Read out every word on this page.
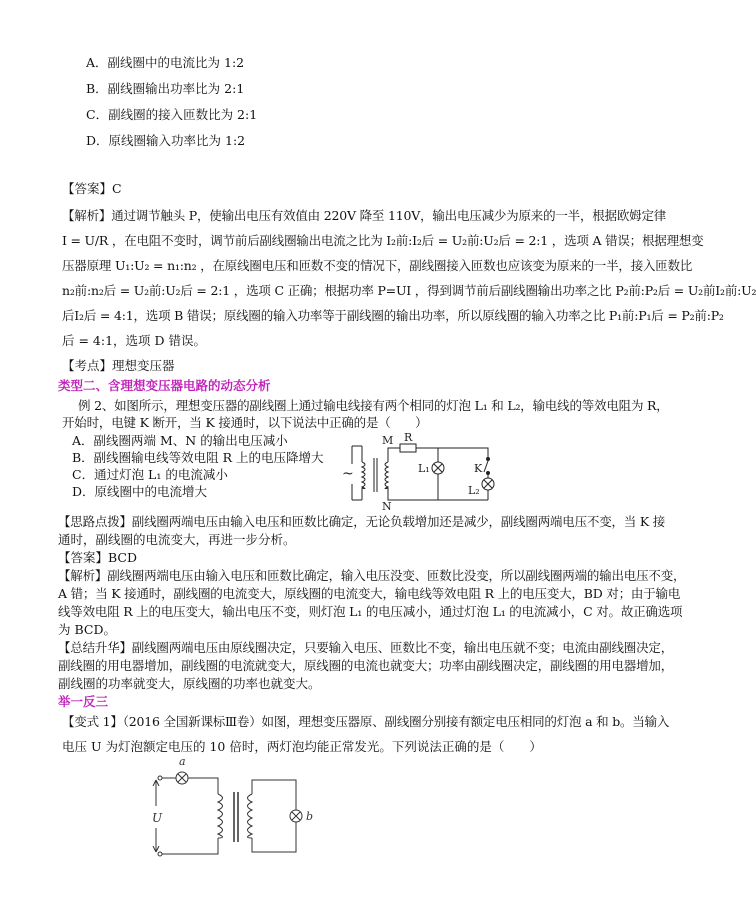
A．副线圈中的电流比为 1:2
B．副线圈输出功率比为 2:1
C．副线圈的接入匝数比为 2:1
D．原线圈输入功率比为 1:2
【答案】C
【解析】通过调节触头 P，使输出电压有效值由 220V 降至 110V，输出电压减少为原来的一半，根据欧姆定律
I = U/R ，在电阻不变时，调节前后副线圈输出电流之比为 I₂前:I₂后 = U₂前:U₂后 = 2:1 ，选项 A 错误；根据理想变
压器原理 U₁:U₂ = n₁:n₂ ，在原线圈电压和匝数不变的情况下，副线圈接入匝数也应该变为原来的一半，接入匝数比
n₂前:n₂后 = U₂前:U₂后 = 2:1 ，选项 C 正确；根据功率 P=UI ，得到调节前后副线圈输出功率之比 P₂前:P₂后 = U₂前I₂前:U₂
后I₂后 = 4:1，选项 B 错误；原线圈的输入功率等于副线圈的输出功率，所以原线圈的输入功率之比 P₁前:P₁后 = P₂前:P₂
后 = 4:1，选项 D 错误。
【考点】理想变压器
类型二、含理想变压器电路的动态分析
例 2、如图所示，理想变压器的副线圈上通过输电线接有两个相同的灯泡 L₁ 和 L₂，输电线的等效电阻为 R，
开始时，电键 K 断开，当 K 接通时，以下说法中正确的是（　　）
A．副线圈两端 M、N 的输出电压减小
B．副线圈输电线等效电阻 R 上的电压降增大
C．通过灯泡 L₁ 的电流减小
D．原线圈中的电流增大
~
M R
N
L₁
L₂
K
【思路点拨】副线圈两端电压由输入电压和匝数比确定，无论负载增加还是减少，副线圈两端电压不变，当 K 接
通时，副线圈的电流变大，再进一步分析。
【答案】BCD
【解析】副线圈两端电压由输入电压和匝数比确定，输入电压没变、匝数比没变，所以副线圈两端的输出电压不变，
A 错；当 K 接通时，副线圈的电流变大，原线圈的电流变大，输电线等效电阻 R 上的电压变大，BD 对；由于输电
线等效电阻 R 上的电压变大，输出电压不变，则灯泡 L₁ 的电压减小，通过灯泡 L₁ 的电流减小，C 对。故正确选项
为 BCD。
【总结升华】副线圈两端电压由原线圈决定，只要输入电压、匝数比不变，输出电压就不变；电流由副线圈决定，
副线圈的用电器增加，副线圈的电流就变大，原线圈的电流也就变大；功率由副线圈决定，副线圈的用电器增加，
副线圈的功率就变大，原线圈的功率也就变大。
举一反三
【变式 1】（2016 全国新课标Ⅲ卷）如图，理想变压器原、副线圈分别接有额定电压相同的灯泡 a 和 b。当输入
电压 U 为灯泡额定电压的 10 倍时，两灯泡均能正常发光。下列说法正确的是（　　）
U
a
b
